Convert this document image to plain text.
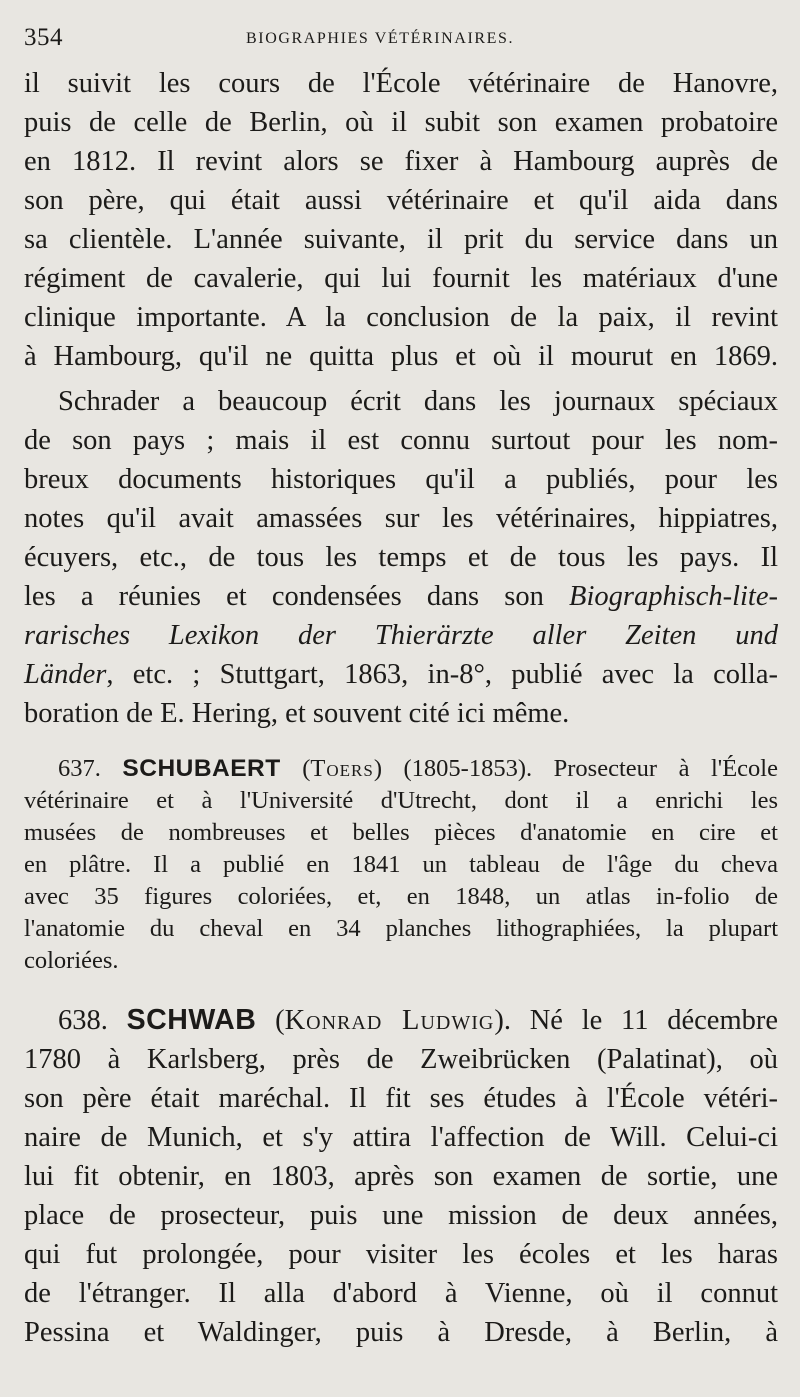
354	BIOGRAPHIES VÉTÉRINAIRES.
il suivit les cours de l'École vétérinaire de Hanovre,
puis de celle de Berlin, où il subit son examen probatoire
en 1812. Il revint alors se fixer à Hambourg auprès de
son père, qui était aussi vétérinaire et qu'il aida dans
sa clientèle. L'année suivante, il prit du service dans un
régiment de cavalerie, qui lui fournit les matériaux d'une
clinique importante. A la conclusion de la paix, il revint
à Hambourg, qu'il ne quitta plus et où il mourut en 1869.
Schrader a beaucoup écrit dans les journaux spéciaux
de son pays ; mais il est connu surtout pour les nom-
breux documents historiques qu'il a publiés, pour les
notes qu'il avait amassées sur les vétérinaires, hippiatres,
écuyers, etc., de tous les temps et de tous les pays. Il
les a réunies et condensées dans son Biographisch-lite-
rarisches Lexikon der Thierärzte aller Zeiten und
Länder, etc. ; Stuttgart, 1863, in-8°, publié avec la colla-
boration de E. Hering, et souvent cité ici même.
637. SCHUBAERT (Toers) (1805-1853). Prosecteur à l'École
vétérinaire et à l'Université d'Utrecht, dont il a enrichi les
musées de nombreuses et belles pièces d'anatomie en cire et
en plâtre. Il a publié en 1841 un tableau de l'âge du cheva
avec 35 figures coloriées, et, en 1848, un atlas in-folio de
l'anatomie du cheval en 34 planches lithographiées, la plupart
coloriées.
638. SCHWAB (Konrad Ludwig). Né le 11 décembre
1780 à Karlsberg, près de Zweibrücken (Palatinat), où
son père était maréchal. Il fit ses études à l'École vétéri-
naire de Munich, et s'y attira l'affection de Will. Celui-ci
lui fit obtenir, en 1803, après son examen de sortie, une
place de prosecteur, puis une mission de deux années,
qui fut prolongée, pour visiter les écoles et les haras
de l'étranger. Il alla d'abord à Vienne, où il connut
Pessina et Waldinger, puis à Dresde, à Berlin, à
